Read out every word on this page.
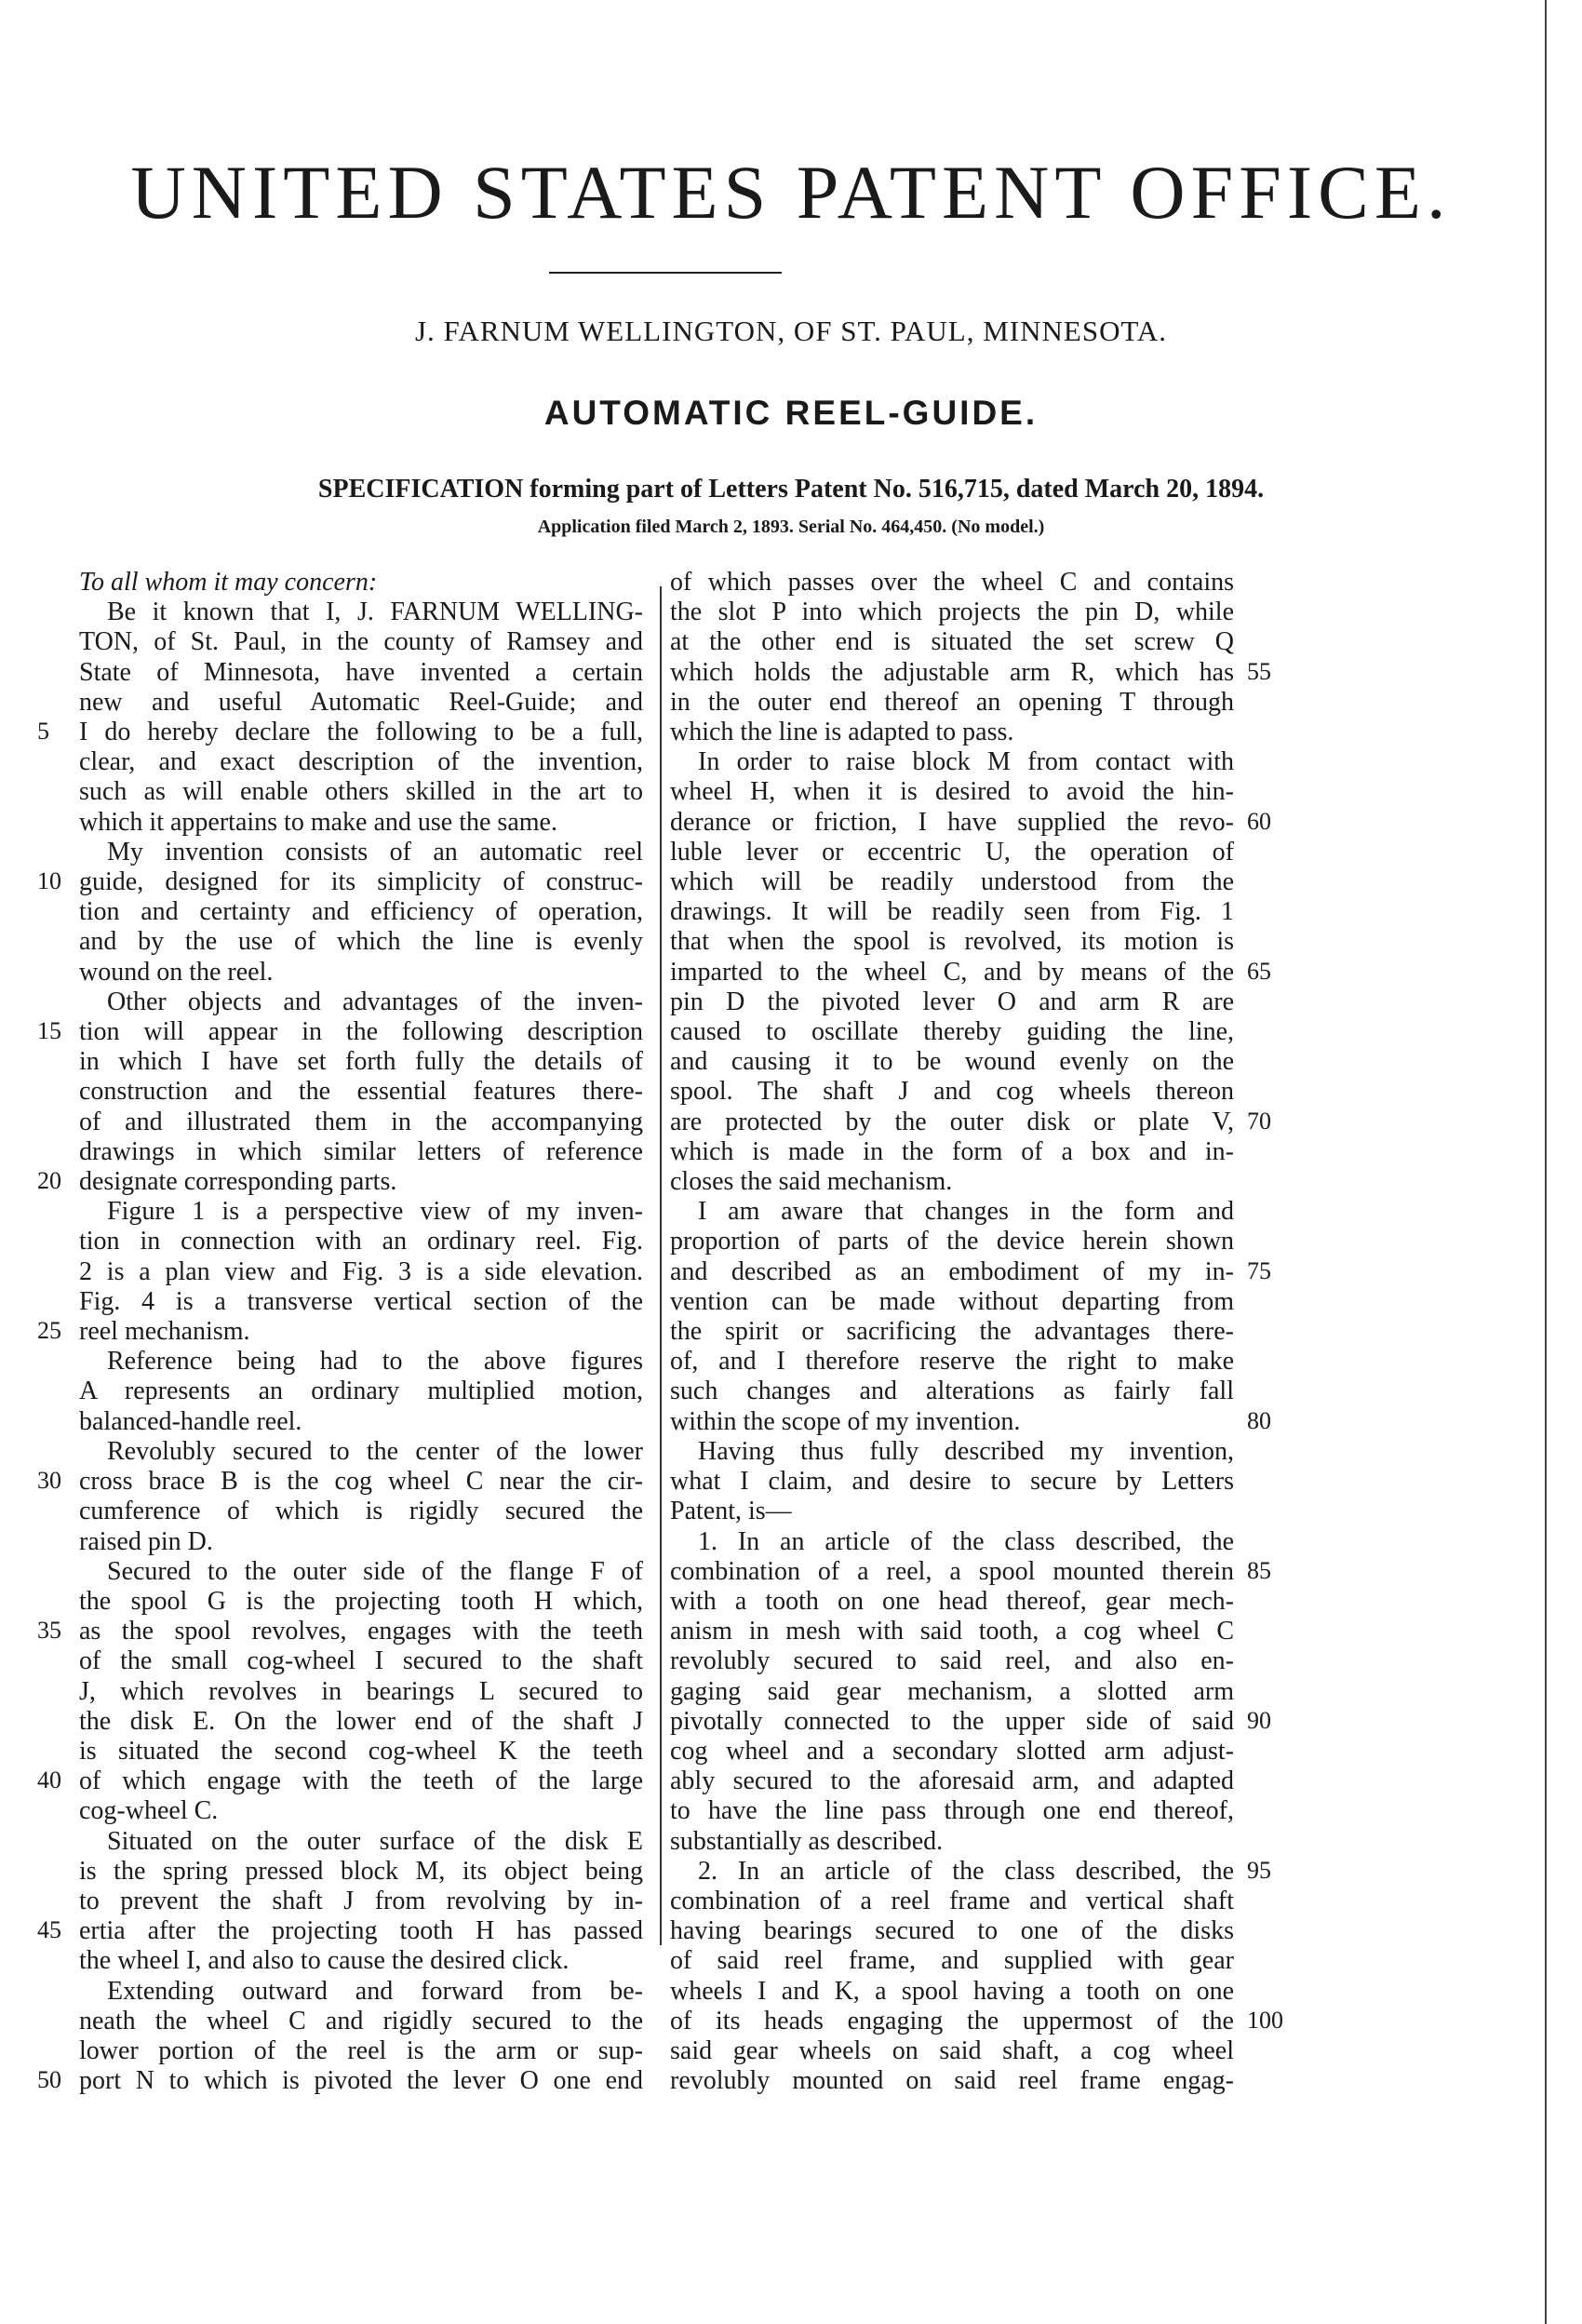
UNITED STATES PATENT OFFICE.
J. FARNUM WELLINGTON, OF ST. PAUL, MINNESOTA.
AUTOMATIC REEL-GUIDE.
SPECIFICATION forming part of Letters Patent No. 516,715, dated March 20, 1894.
Application filed March 2, 1893. Serial No. 464,450. (No model.)

To all whom it may concern:

Be it known that I, J. FARNUM WELLING-

TON, of St. Paul, in the county of Ramsey and

State of Minnesota, have invented a certain

new and useful Automatic Reel-Guide; and

I do hereby declare the following to be a full,

clear, and exact description of the invention,

such as will enable others skilled in the art to

which it appertains to make and use the same.

My invention consists of an automatic reel

guide, designed for its simplicity of construc-

tion and certainty and efficiency of operation,

and by the use of which the line is evenly

wound on the reel.

Other objects and advantages of the inven-

tion will appear in the following description

in which I have set forth fully the details of

construction and the essential features there-

of and illustrated them in the accompanying

drawings in which similar letters of reference

designate corresponding parts.

Figure 1 is a perspective view of my inven-

tion in connection with an ordinary reel. Fig.

2 is a plan view and Fig. 3 is a side elevation.

Fig. 4 is a transverse vertical section of the

reel mechanism.

Reference being had to the above figures

A represents an ordinary multiplied motion,

balanced-handle reel.

Revolubly secured to the center of the lower

cross brace B is the cog wheel C near the cir-

cumference of which is rigidly secured the

raised pin D.

Secured to the outer side of the flange F of

the spool G is the projecting tooth H which,

as the spool revolves, engages with the teeth

of the small cog-wheel I secured to the shaft

J, which revolves in bearings L secured to

the disk E. On the lower end of the shaft J

is situated the second cog-wheel K the teeth

of which engage with the teeth of the large

cog-wheel C.

Situated on the outer surface of the disk E

is the spring pressed block M, its object being

to prevent the shaft J from revolving by in-

ertia after the projecting tooth H has passed

the wheel I, and also to cause the desired click.

Extending outward and forward from be-

neath the wheel C and rigidly secured to the

lower portion of the reel is the arm or sup-

port N to which is pivoted the lever O one end

of which passes over the wheel C and contains

the slot P into which projects the pin D, while

at the other end is situated the set screw Q

which holds the adjustable arm R, which has

in the outer end thereof an opening T through

which the line is adapted to pass.

In order to raise block M from contact with

wheel H, when it is desired to avoid the hin-

derance or friction, I have supplied the revo-

luble lever or eccentric U, the operation of

which will be readily understood from the

drawings. It will be readily seen from Fig. 1

that when the spool is revolved, its motion is

imparted to the wheel C, and by means of the

pin D the pivoted lever O and arm R are

caused to oscillate thereby guiding the line,

and causing it to be wound evenly on the

spool. The shaft J and cog wheels thereon

are protected by the outer disk or plate V,

which is made in the form of a box and in-

closes the said mechanism.

I am aware that changes in the form and

proportion of parts of the device herein shown

and described as an embodiment of my in-

vention can be made without departing from

the spirit or sacrificing the advantages there-

of, and I therefore reserve the right to make

such changes and alterations as fairly fall

within the scope of my invention.

Having thus fully described my invention,

what I claim, and desire to secure by Letters

Patent, is—

1. In an article of the class described, the

combination of a reel, a spool mounted therein

with a tooth on one head thereof, gear mech-

anism in mesh with said tooth, a cog wheel C

revolubly secured to said reel, and also en-

gaging said gear mechanism, a slotted arm

pivotally connected to the upper side of said

cog wheel and a secondary slotted arm adjust-

ably secured to the aforesaid arm, and adapted

to have the line pass through one end thereof,

substantially as described.

2. In an article of the class described, the

combination of a reel frame and vertical shaft

having bearings secured to one of the disks

of said reel frame, and supplied with gear

wheels I and K, a spool having a tooth on one

of its heads engaging the uppermost of the

said gear wheels on said shaft, a cog wheel

revolubly mounted on said reel frame engag-

5
10
15
20
25
30
35
40
45
50
55
60
65
70
75
80
85
90
95
100
